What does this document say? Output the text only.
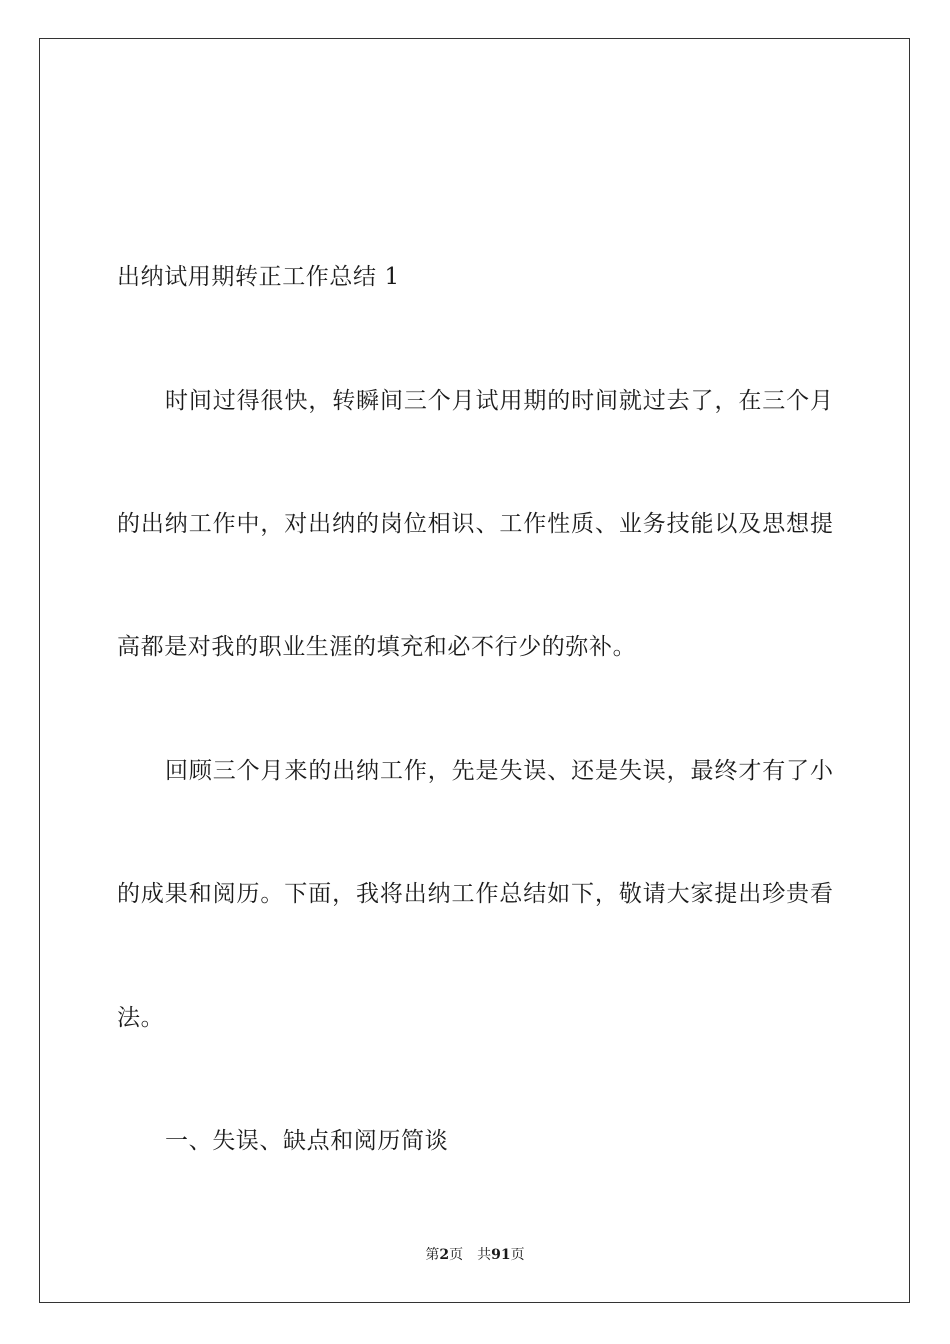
出纳试用期转正工作总结 1
时间过得很快，转瞬间三个月试用期的时间就过去了，在三个月
的出纳工作中，对出纳的岗位相识、工作性质、业务技能以及思想提
高都是对我的职业生涯的填充和必不行少的弥补。
回顾三个月来的出纳工作，先是失误、还是失误，最终才有了小
的成果和阅历。下面，我将出纳工作总结如下，敬请大家提出珍贵看
法。
一、失误、缺点和阅历简谈
第2页 共91页
